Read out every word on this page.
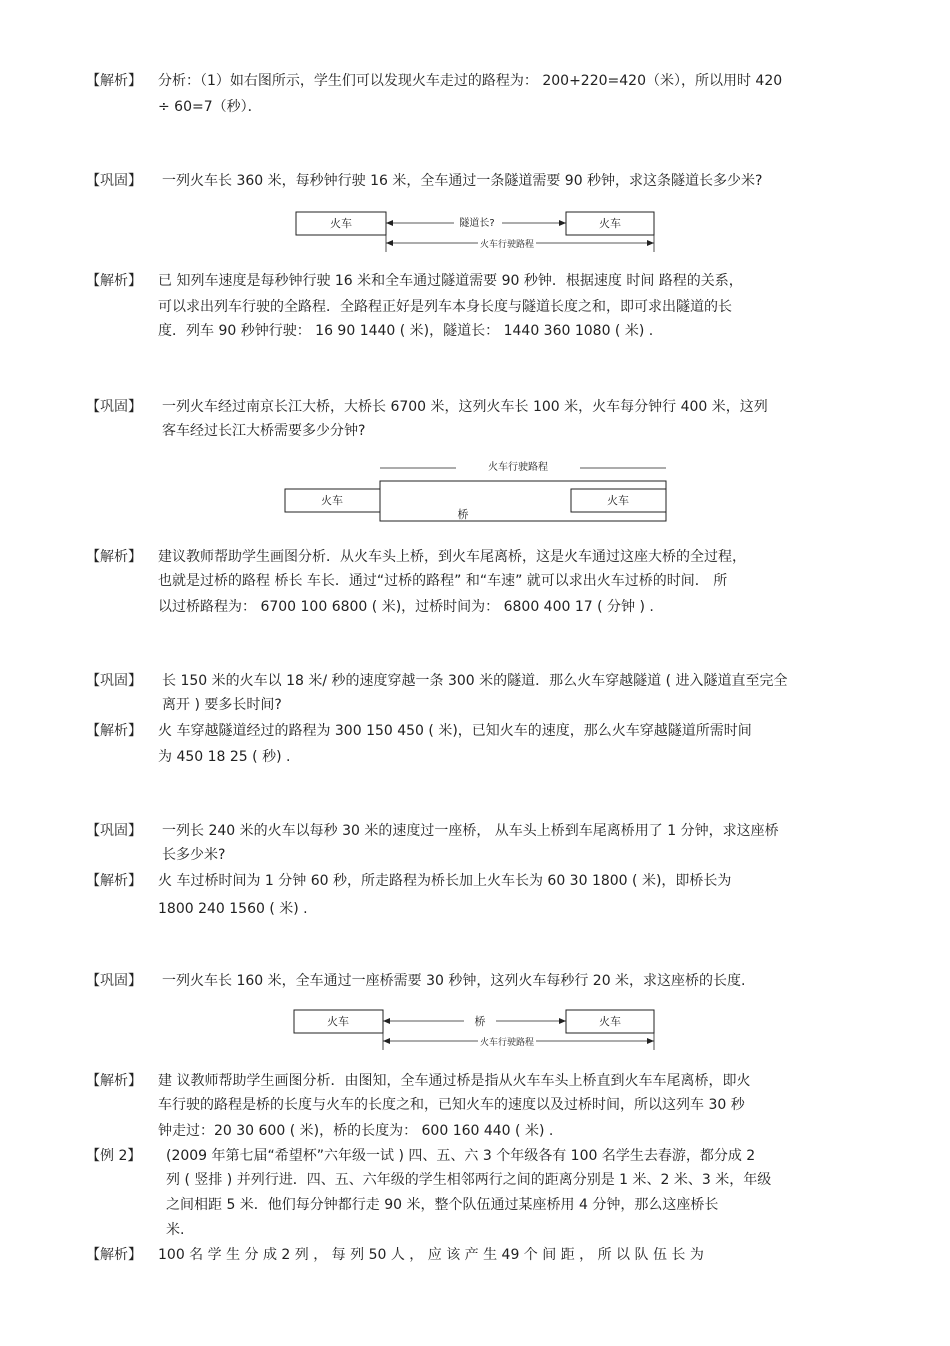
【解析】 分析：（1）如右图所示，学生们可以发现火车走过的路程为： 200+220=420（米），所以用时 420
÷ 60=7（秒）．
【巩固】 一列火车长 360 米，每秒钟行驶 16 米，全车通过一条隧道需要 90 秒钟，求这条隧道长多少米?
火车	火车
隧道长?
火车行驶路程
【解析】 已 知列车速度是每秒钟行驶 16 米和全车通过隧道需要 90 秒钟．根据速度 时间 路程的关系，
可以求出列车行驶的全路程．全路程正好是列车本身长度与隧道长度之和，即可求出隧道的长
度．列车 90 秒钟行驶： 16 90 1440 ( 米)，隧道长： 1440 360 1080 ( 米) .
【巩固】 一列火车经过南京长江大桥，大桥长 6700 米，这列火车长 100 米，火车每分钟行 400 米，这列
客车经过长江大桥需要多少分钟?
火车行驶路程
火车	火车
桥
【解析】 建议教师帮助学生画图分析．从火车头上桥，到火车尾离桥，这是火车通过这座大桥的全过程，
也就是过桥的路程 桥长 车长．通过“过桥的路程” 和“车速” 就可以求出火车过桥的时间． 所
以过桥路程为： 6700 100 6800 ( 米)，过桥时间为： 6800 400 17 ( 分钟 ) .
【巩固】 长 150 米的火车以 18 米/ 秒的速度穿越一条 300 米的隧道．那么火车穿越隧道 ( 进入隧道直至完全
离开 ) 要多长时间?
【解析】 火 车穿越隧道经过的路程为 300 150 450 ( 米)，已知火车的速度，那么火车穿越隧道所需时间
为 450 18 25 ( 秒) .
【巩固】 一列长 240 米的火车以每秒 30 米的速度过一座桥， 从车头上桥到车尾离桥用了 1 分钟，求这座桥
长多少米?
【解析】 火 车过桥时间为 1 分钟 60 秒，所走路程为桥长加上火车长为 60 30 1800 ( 米)，即桥长为
1800 240 1560 ( 米) .
【巩固】 一列火车长 160 米，全车通过一座桥需要 30 秒钟，这列火车每秒行 20 米，求这座桥的长度.
火车	火车
桥
火车行驶路程
【解析】 建 议教师帮助学生画图分析．由图知，全车通过桥是指从火车车头上桥直到火车车尾离桥，即火
车行驶的路程是桥的长度与火车的长度之和，已知火车的速度以及过桥时间，所以这列车 30 秒
钟走过：20 30 600 ( 米)，桥的长度为： 600 160 440 ( 米) .
【例 2】 (2009 年第七届“希望杯”六年级一试 ) 四、五、六 3 个年级各有 100 名学生去春游，都分成 2
列 ( 竖排 ) 并列行进．四、五、六年级的学生相邻两行之间的距离分别是 1 米、2 米、3 米，年级
之间相距 5 米．他们每分钟都行走 90 米，整个队伍通过某座桥用 4 分钟，那么这座桥长
米.
【解析】 100 名 学 生 分 成 2 列 ， 每 列 50 人 ， 应 该 产 生 49 个 间 距 ， 所 以 队 伍 长 为
